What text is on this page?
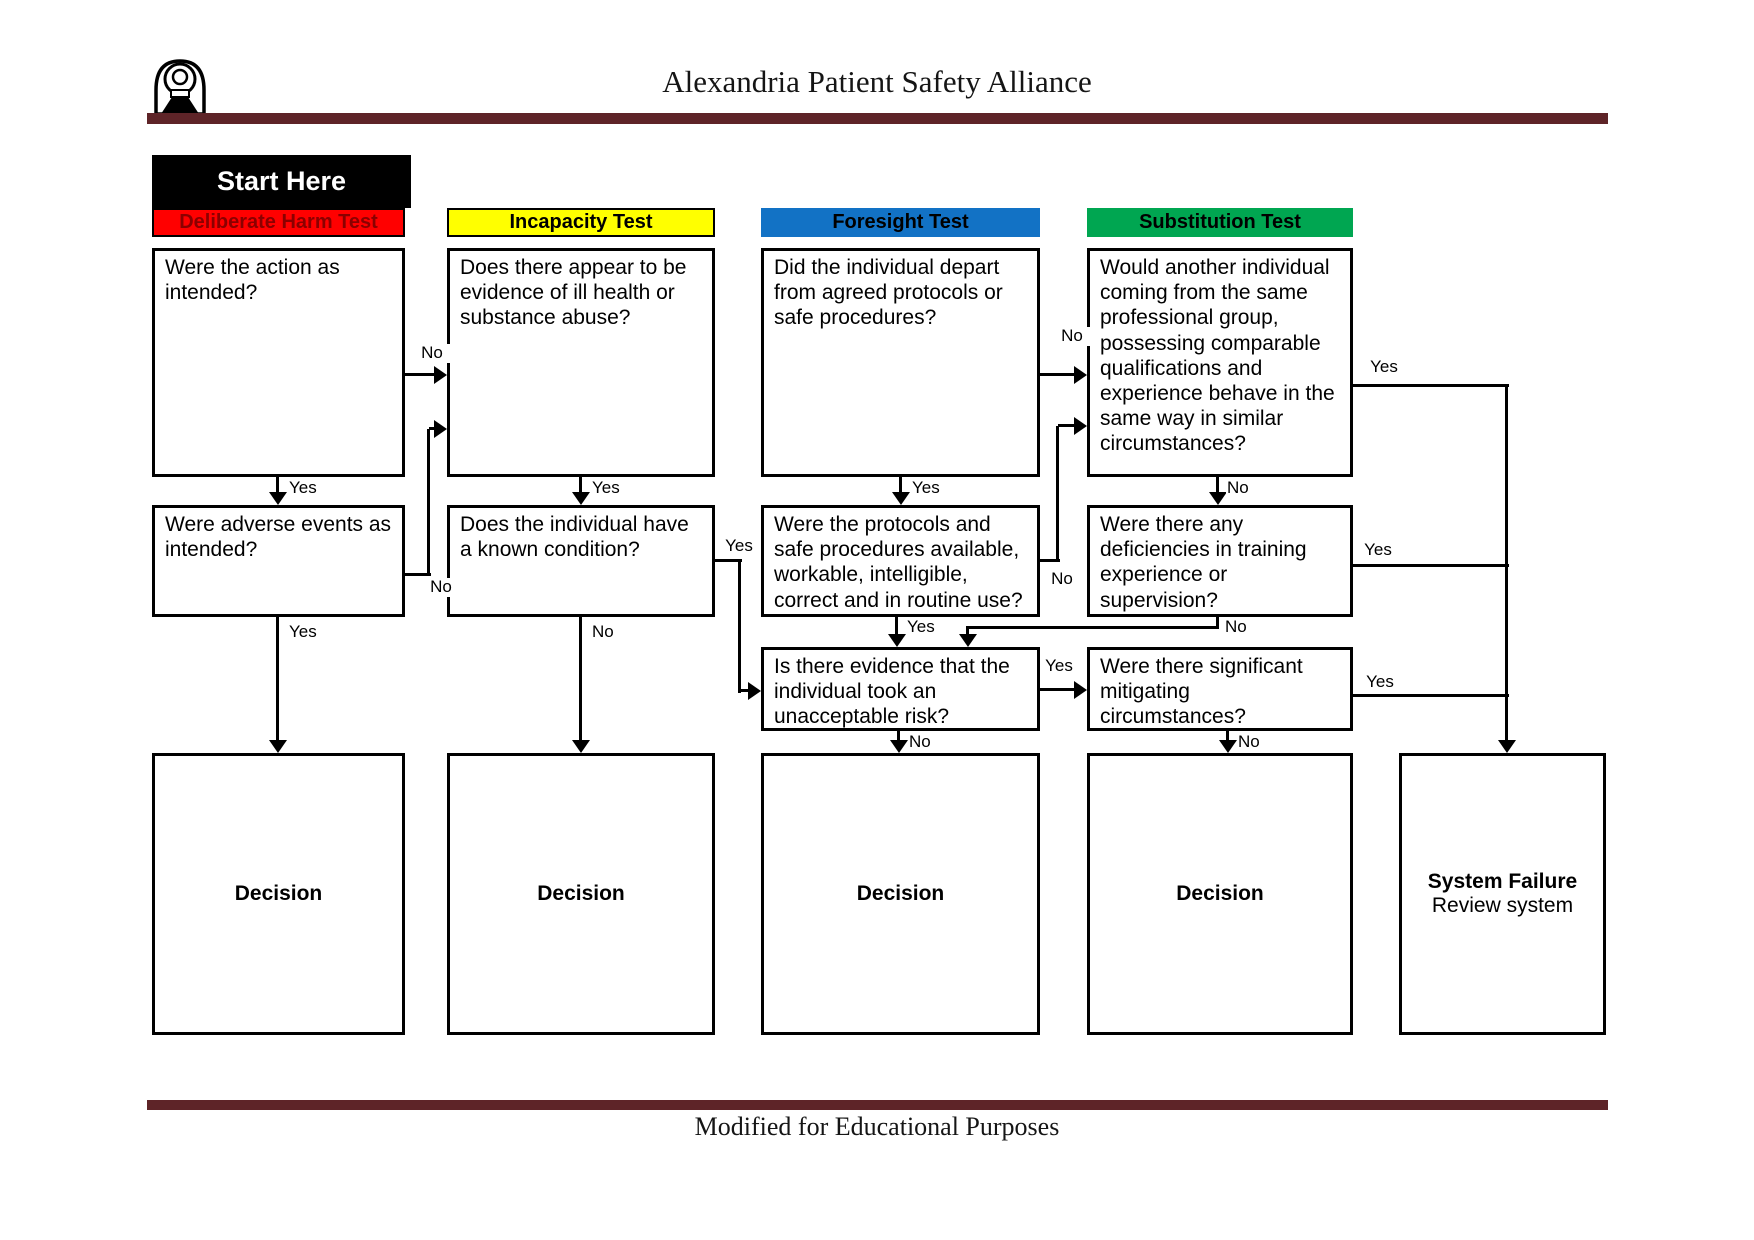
Alexandria Patient Safety Alliance
Start Here
Deliberate Harm Test	Incapacity Test	Foresight Test	Substitution Test
Were the action as intended?
Were adverse events as intended?
Does there appear to be evidence of ill health or substance abuse?
Does the individual have a known condition?
Did the individual depart from agreed protocols or safe procedures?
Were the protocols and safe procedures available, workable, intelligible, correct and in routine use?
Is there evidence that the individual took an unacceptable risk?
Would another individual coming from the same professional group, possessing comparable qualifications and experience behave in the same way in similar circumstances?
Were there any deficiencies in training experience or supervision?
Were there significant mitigating circumstances?
Decision	Decision	Decision	Decision
System Failure
Review system
No
Yes
No
Yes
Yes
Yes
No
No
Yes
No
Yes
Yes
No
Yes
No
Yes
No
Yes
No
Modified for Educational Purposes
